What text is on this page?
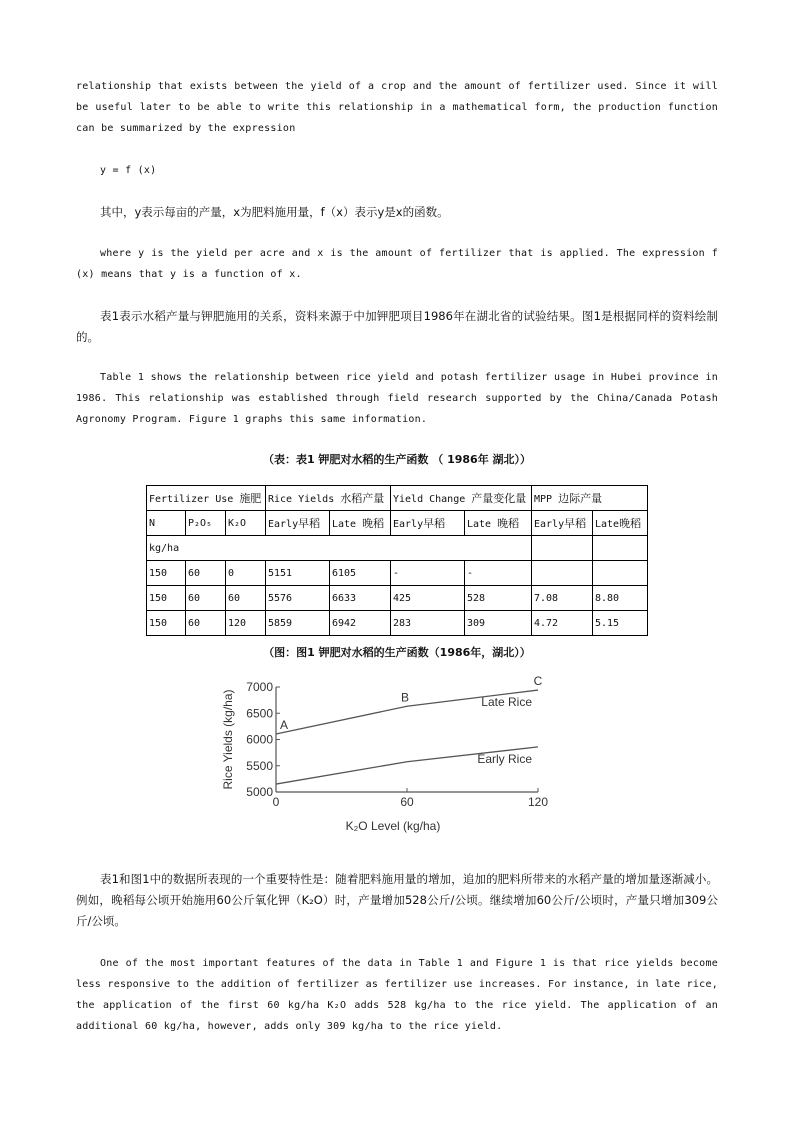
relationship that exists between the yield of a crop and the amount of fertilizer used. Since it will be useful later to be able to write this relationship in a mathematical form, the production function can be summarized by the expression

y = f (x)

其中，y表示每亩的产量，x为肥料施用量，f（x）表示y是x的函数。

where y is the yield per acre and x is the amount of fertilizer that is applied. The expression f (x) means that y is a function of x.

表1表示水稻产量与钾肥施用的关系，资料来源于中加钾肥项目1986年在湖北省的试验结果。图1是根据同样的资料绘制的。

Table 1 shows the relationship between rice yield and potash fertilizer usage in Hubei province in 1986. This relationship was established through field research supported by the China/Canada Potash Agronomy Program. Figure 1 graphs this same information.

（表：表1 钾肥对水稻的生产函数 （ 1986年 湖北））
Fertilizer Use 施肥			Rice Yields 水稻产量		Yield Change 产量变化量		MPP 边际产量	
N	P₂O₅	K₂O	Early早稻	Late 晚稻	Early早稻	Late 晚稻	Early早稻	Late晚稻
kg/ha								
150	60	0	5151	6105	-	-		
150	60	60	5576	6633	425	528	7.08	8.80
150	60	120	5859	6942	283	309	4.72	5.15
（图：图1 钾肥对水稻的生产函数（1986年，湖北））
5000
5500
6000
6500
7000
0	60	120
Late Rice
A
B
C
Early Rice
Rice Yields (kg/ha)
K₂O Level (kg/ha)

表1和图1中的数据所表现的一个重要特性是：随着肥料施用量的增加，追加的肥料所带来的水稻产量的增加量逐渐减小。例如，晚稻每公顷开始施用60公斤氧化钾（K₂O）时，产量增加528公斤/公顷。继续增加60公斤/公顷时，产量只增加309公斤/公顷。

One of the most important features of the data in Table 1 and Figure 1 is that rice yields become less responsive to the addition of fertilizer as fertilizer use increases. For instance, in late rice, the application of the first 60 kg/ha K₂O adds 528 kg/ha to the rice yield. The application of an additional 60 kg/ha, however, adds only 309 kg/ha to the rice yield.
